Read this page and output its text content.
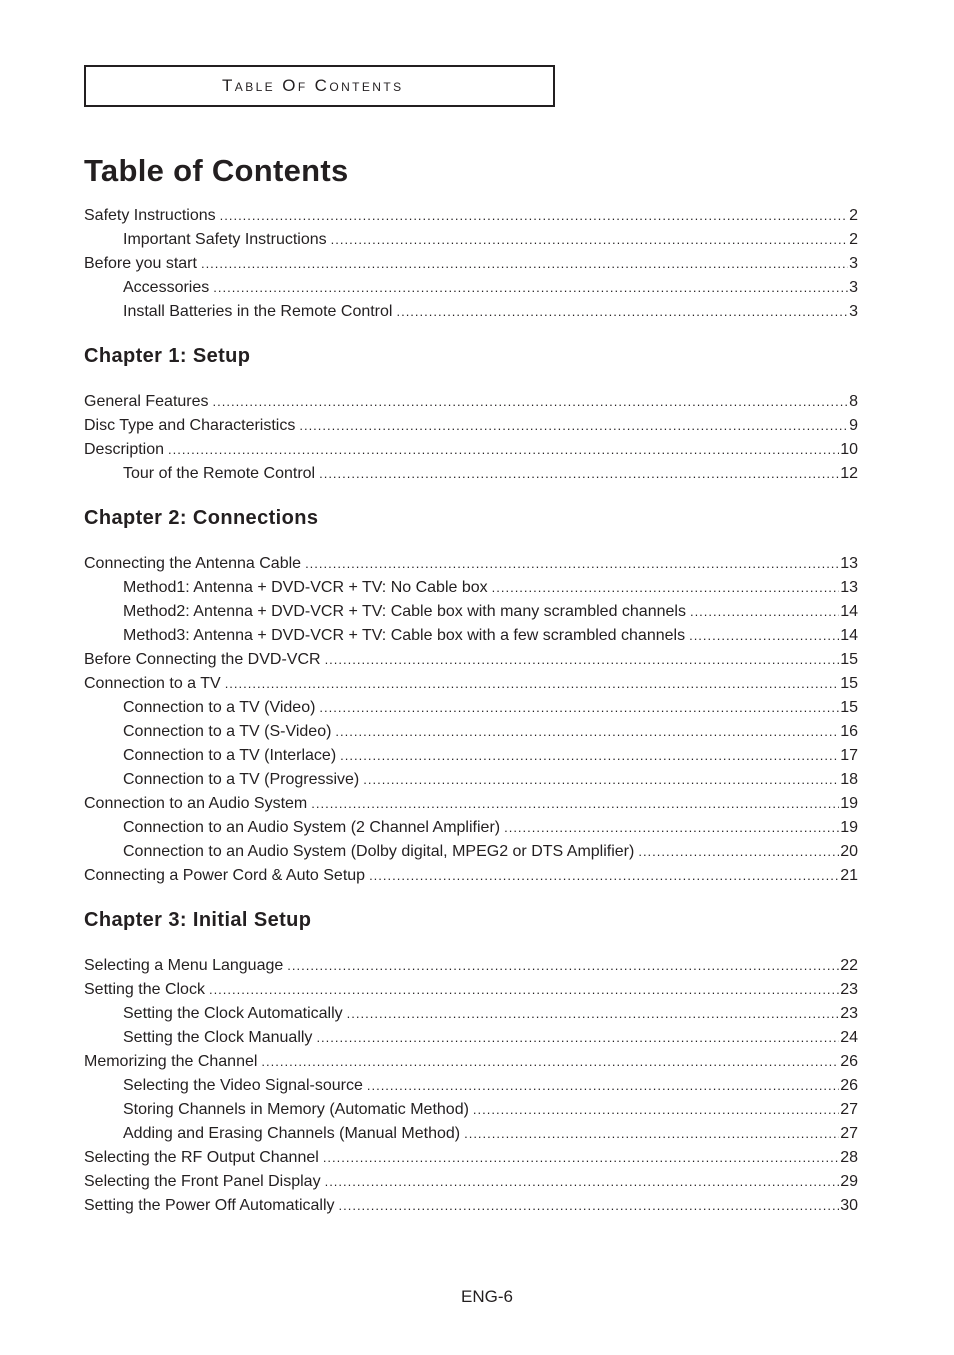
Table Of Contents
Table of Contents
Safety Instructions .....	2
Important Safety Instructions .....	2
Before you start .....	3
Accessories .....	3
Install Batteries in the Remote Control .....	3
Chapter 1: Setup
General Features .....	8
Disc Type and Characteristics .....	9
Description .....	10
Tour of the Remote Control .....	12
Chapter 2: Connections
Connecting the Antenna Cable .....	13
Method1: Antenna + DVD-VCR + TV: No Cable box .....	13
Method2: Antenna + DVD-VCR + TV: Cable box with many scrambled channels .....	14
Method3: Antenna + DVD-VCR + TV: Cable box with a few scrambled channels .....	14
Before Connecting the DVD-VCR .....	15
Connection to a TV .....	15
Connection to a TV (Video) .....	15
Connection to a TV (S-Video) .....	16
Connection to a TV (Interlace) .....	17
Connection to a TV (Progressive) .....	18
Connection to an Audio System .....	19
Connection to an Audio System (2 Channel Amplifier) .....	19
Connection to an Audio System (Dolby digital, MPEG2 or DTS Amplifier) .....	20
Connecting a Power Cord & Auto Setup .....	21
Chapter 3: Initial Setup
Selecting a Menu Language .....	22
Setting the Clock .....	23
Setting the Clock Automatically .....	23
Setting the Clock Manually .....	24
Memorizing the Channel .....	26
Selecting the Video Signal-source .....	26
Storing Channels in Memory (Automatic Method) .....	27
Adding and Erasing Channels (Manual Method) .....	27
Selecting the RF Output Channel .....	28
Selecting the Front Panel Display .....	29
Setting the Power Off Automatically .....	30
ENG-6
